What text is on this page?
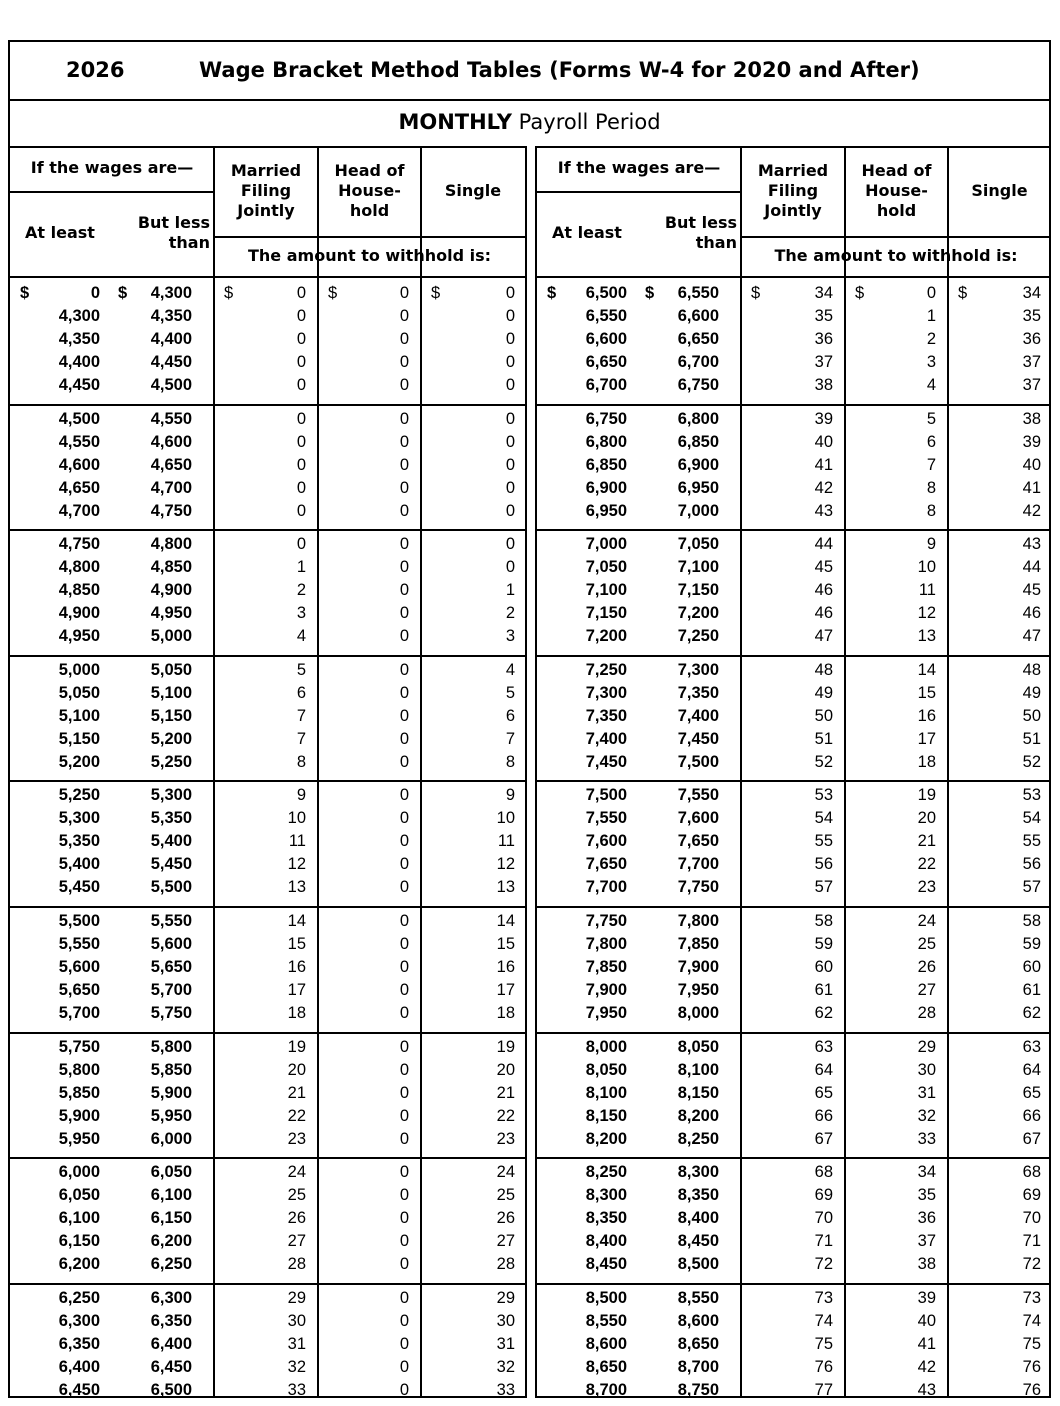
2026	Wage Bracket Method Tables (Forms W-4 for 2020 and After)
MONTHLY Payroll Period
If the wages are—
At least
But less than
Married Filing Jointly
Head of House-hold
Single
The amount to withhold is:
0	4,300	0	0	0
$	$	$	$	$
4,300	4,350	0	0	0
4,350	4,400	0	0	0
4,400	4,450	0	0	0
4,450	4,500	0	0	0
4,500	4,550	0	0	0
4,550	4,600	0	0	0
4,600	4,650	0	0	0
4,650	4,700	0	0	0
4,700	4,750	0	0	0
4,750	4,800	0	0	0
4,800	4,850	1	0	0
4,850	4,900	2	0	1
4,900	4,950	3	0	2
4,950	5,000	4	0	3
5,000	5,050	5	0	4
5,050	5,100	6	0	5
5,100	5,150	7	0	6
5,150	5,200	7	0	7
5,200	5,250	8	0	8
5,250	5,300	9	0	9
5,300	5,350	10	0	10
5,350	5,400	11	0	11
5,400	5,450	12	0	12
5,450	5,500	13	0	13
5,500	5,550	14	0	14
5,550	5,600	15	0	15
5,600	5,650	16	0	16
5,650	5,700	17	0	17
5,700	5,750	18	0	18
5,750	5,800	19	0	19
5,800	5,850	20	0	20
5,850	5,900	21	0	21
5,900	5,950	22	0	22
5,950	6,000	23	0	23
6,000	6,050	24	0	24
6,050	6,100	25	0	25
6,100	6,150	26	0	26
6,150	6,200	27	0	27
6,200	6,250	28	0	28
6,250	6,300	29	0	29
6,300	6,350	30	0	30
6,350	6,400	31	0	31
6,400	6,450	32	0	32
6,450	6,500	33	0	33
If the wages are—
At least
But less than
Married Filing Jointly
Head of House-hold
Single
The amount to withhold is:
6,500	6,550	34	0	34
$	$	$	$	$
6,550	6,600	35	1	35
6,600	6,650	36	2	36
6,650	6,700	37	3	37
6,700	6,750	38	4	37
6,750	6,800	39	5	38
6,800	6,850	40	6	39
6,850	6,900	41	7	40
6,900	6,950	42	8	41
6,950	7,000	43	8	42
7,000	7,050	44	9	43
7,050	7,100	45	10	44
7,100	7,150	46	11	45
7,150	7,200	46	12	46
7,200	7,250	47	13	47
7,250	7,300	48	14	48
7,300	7,350	49	15	49
7,350	7,400	50	16	50
7,400	7,450	51	17	51
7,450	7,500	52	18	52
7,500	7,550	53	19	53
7,550	7,600	54	20	54
7,600	7,650	55	21	55
7,650	7,700	56	22	56
7,700	7,750	57	23	57
7,750	7,800	58	24	58
7,800	7,850	59	25	59
7,850	7,900	60	26	60
7,900	7,950	61	27	61
7,950	8,000	62	28	62
8,000	8,050	63	29	63
8,050	8,100	64	30	64
8,100	8,150	65	31	65
8,150	8,200	66	32	66
8,200	8,250	67	33	67
8,250	8,300	68	34	68
8,300	8,350	69	35	69
8,350	8,400	70	36	70
8,400	8,450	71	37	71
8,450	8,500	72	38	72
8,500	8,550	73	39	73
8,550	8,600	74	40	74
8,600	8,650	75	41	75
8,650	8,700	76	42	76
8,700	8,750	77	43	76
